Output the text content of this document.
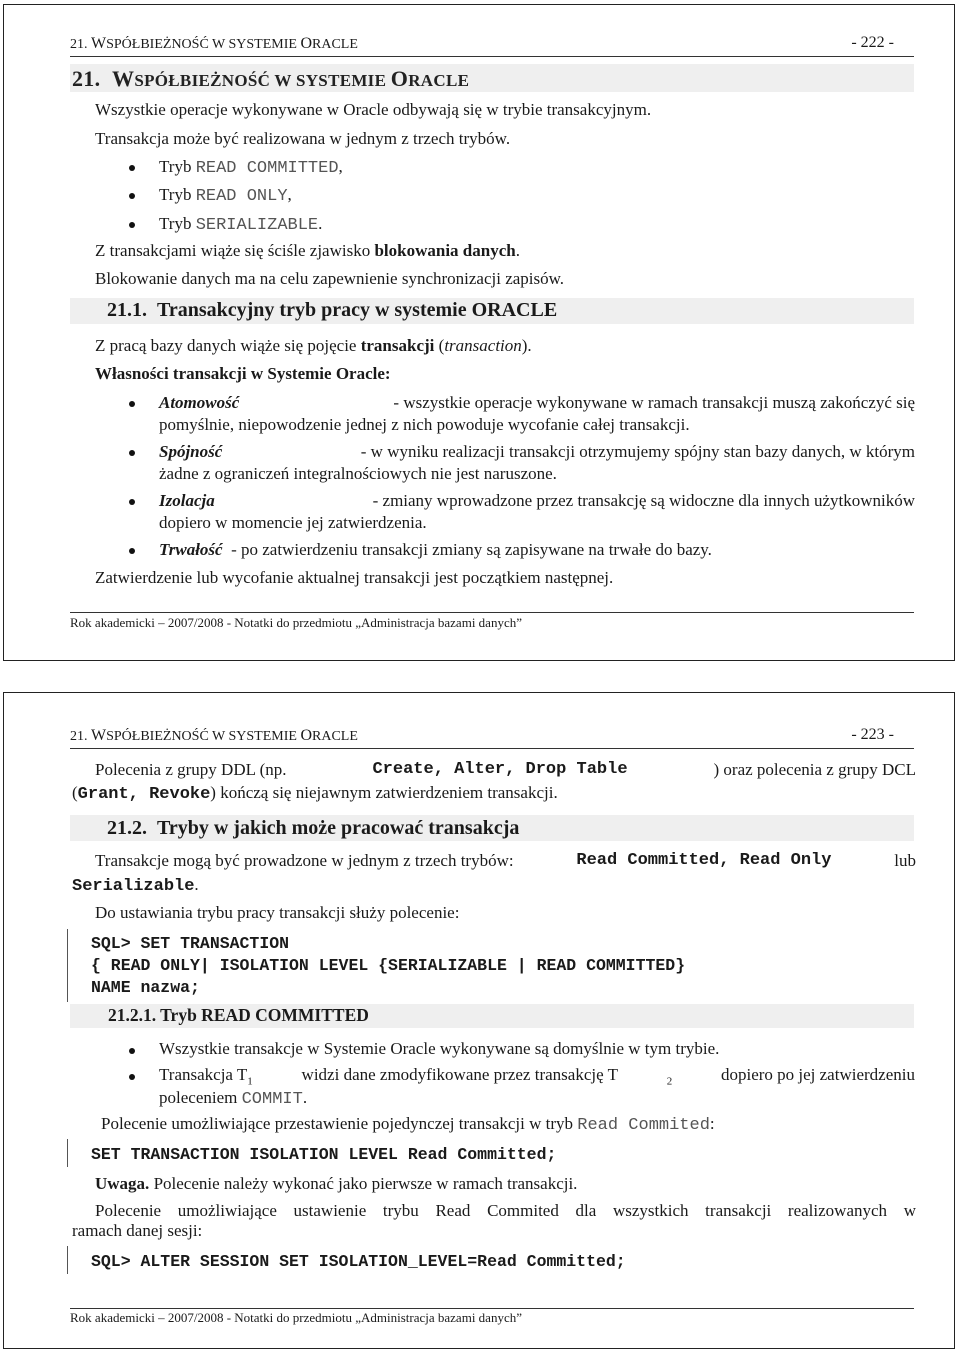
21. WSPÓŁBIEŻNOŚĆ W SYSTEMIE ORACLE	- 222 -
21. WSPÓŁBIEŻNOŚĆ W SYSTEMIE ORACLE
Wszystkie operacje wykonywane w Oracle odbywają się w trybie transakcyjnym.
Transakcja może być realizowana w jednym z trzech trybów.
Tryb READ COMMITTED,
Tryb READ ONLY,
Tryb SERIALIZABLE.
Z transakcjami wiąże się ściśle zjawisko blokowania danych.
Blokowanie danych ma na celu zapewnienie synchronizacji zapisów.
21.1. Transakcyjny tryb pracy w systemie ORACLE
Z pracą bazy danych wiąże się pojęcie transakcji (transaction).
Własności transakcji w Systemie Oracle:
Atomowość	- wszystkie operacje wykonywane w ramach transakcji muszą zakończyć się
pomyślnie, niepowodzenie jednej z nich powoduje wycofanie całej transakcji.
Spójność	- w wyniku realizacji transakcji otrzymujemy spójny stan bazy danych, w którym
żadne z ograniczeń integralnościowych nie jest naruszone.
Izolacja	- zmiany wprowadzone przez transakcję są widoczne dla innych użytkowników
dopiero w momencie jej zatwierdzenia.
Trwałość - po zatwierdzeniu transakcji zmiany są zapisywane na trwałe do bazy.
Zatwierdzenie lub wycofanie aktualnej transakcji jest początkiem następnej.
Rok akademicki – 2007/2008 - Notatki do przedmiotu „Administracja bazami danych”
21. WSPÓŁBIEŻNOŚĆ W SYSTEMIE ORACLE	- 223 -
Polecenia z grupy DDL (np.	Create, Alter, Drop Table	) oraz polecenia z grupy DCL
(Grant, Revoke) kończą się niejawnym zatwierdzeniem transakcji.
21.2. Tryby w jakich może pracować transakcja
Transakcje mogą być prowadzone w jednym z trzech trybów:	Read Committed, Read Only	lub
Serializable.
Do ustawiania trybu pracy transakcji służy polecenie:
SQL> SET TRANSACTION
{ READ ONLY| ISOLATION LEVEL {SERIALIZABLE | READ COMMITTED}
NAME nazwa;
21.2.1. Tryb READ COMMITTED
Wszystkie transakcje w Systemie Oracle wykonywane są domyślnie w tym trybie.
Transakcja $T_1$	widzi dane zmodyfikowane przez transakcję T	$_2$	dopiero po jej zatwierdzeniu
poleceniem COMMIT.
Polecenie umożliwiające przestawienie pojedynczej transakcji w tryb Read Commited:
SET TRANSACTION ISOLATION LEVEL Read Committed;
Uwaga. Polecenie należy wykonać jako pierwsze w ramach transakcji.
Polecenie umożliwiające ustawienie trybu Read Commited dla wszystkich transakcji realizowanych w
ramach danej sesji:
SQL> ALTER SESSION SET ISOLATION_LEVEL=Read Committed;
Rok akademicki – 2007/2008 - Notatki do przedmiotu „Administracja bazami danych”
